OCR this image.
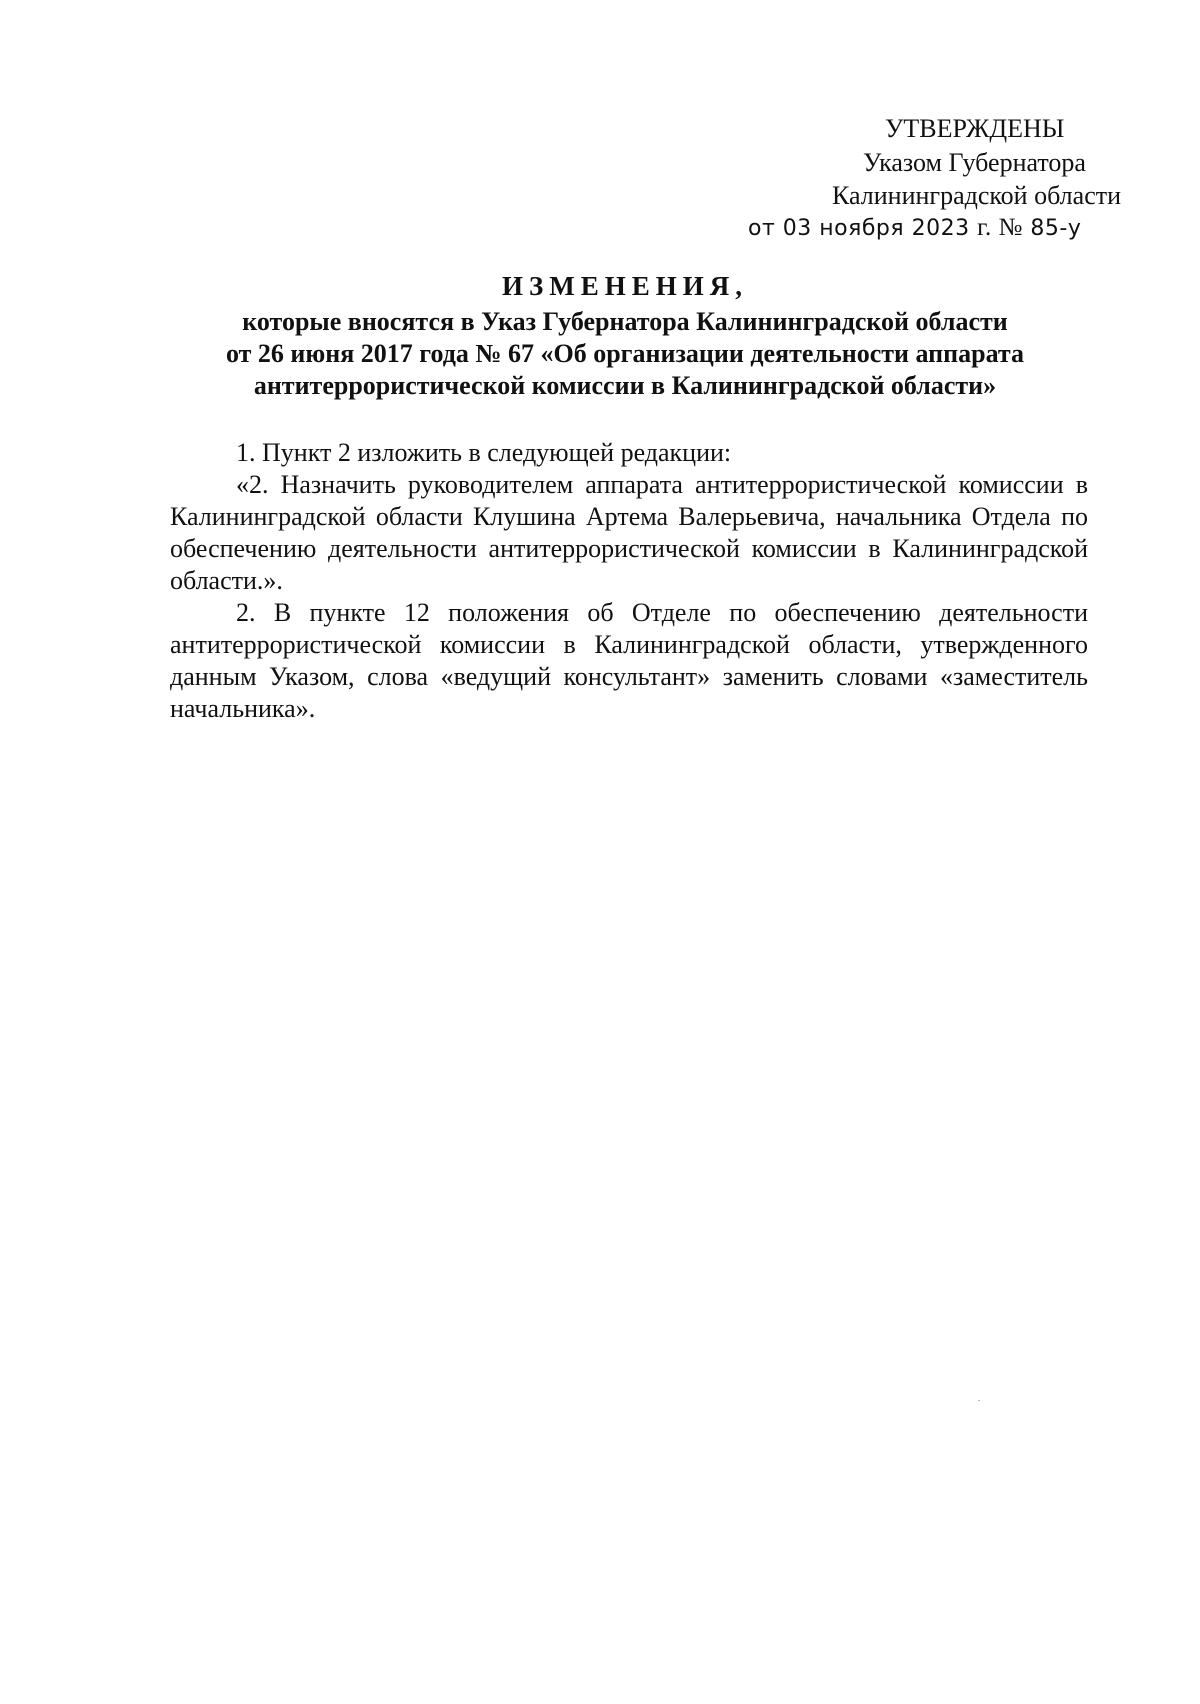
УТВЕРЖДЕНЫ
Указом Губернатора
Калининградской области
от 03 ноября 2023 г. № 85-у
ИЗМЕНЕНИЯ,
которые вносятся в Указ Губернатора Калининградской области
от 26 июня 2017 года № 67 «Об организации деятельности аппарата
антитеррористической комиссии в Калининградской области»

1. Пункт 2 изложить в следующей редакции:

«2. Назначить руководителем аппарата антитеррористической комиссии в Калининградской области Клушина Артема Валерьевича, начальника Отдела по обеспечению деятельности антитеррористической комиссии в Калининградской области.».

2. В пункте 12 положения об Отделе по обеспечению деятельности антитеррористической комиссии в Калининградской области, утвержденного данным Указом, слова «ведущий консультант» заменить словами «заместитель начальника».
